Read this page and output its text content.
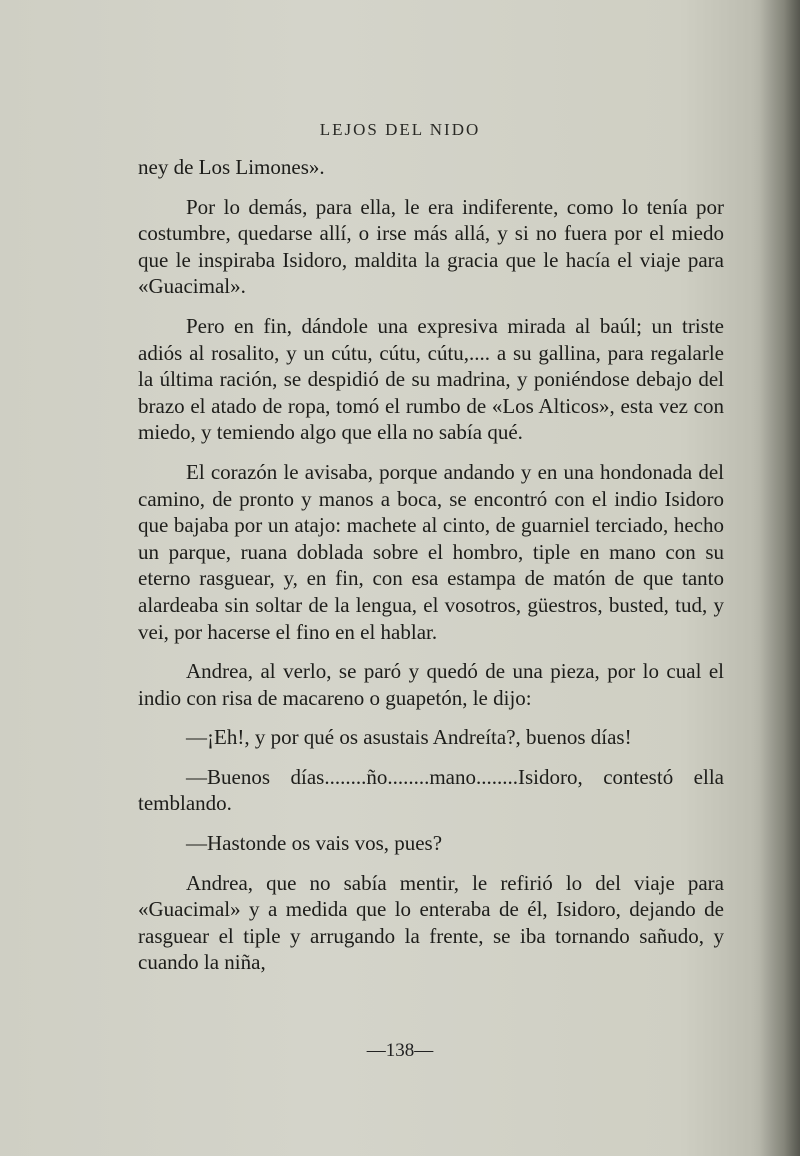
LEJOS DEL NIDO

ney de Los Limones».

Por lo demás, para ella, le era indiferente, como lo tenía por costumbre, quedarse allí, o irse más allá, y si no fuera por el miedo que le inspiraba Isidoro, maldita la gracia que le hacía el viaje para «Guacimal».

Pero en fin, dándole una expresiva mirada al baúl; un triste adiós al rosalito, y un cútu, cútu, cútu,.... a su gallina, para regalarle la última ración, se despidió de su madrina, y poniéndose debajo del brazo el atado de ropa, tomó el rumbo de «Los Alticos», esta vez con miedo, y temiendo algo que ella no sabía qué.

El corazón le avisaba, porque andando y en una hondonada del camino, de pronto y manos a boca, se encontró con el indio Isidoro que bajaba por un atajo: machete al cinto, de guarniel terciado, hecho un parque, ruana doblada sobre el hombro, tiple en mano con su eterno rasguear, y, en fin, con esa estampa de matón de que tanto alardeaba sin soltar de la lengua, el vosotros, güestros, busted, tud, y vei, por hacerse el fino en el hablar.

Andrea, al verlo, se paró y quedó de una pieza, por lo cual el indio con risa de macareno o guapetón, le dijo:

—¡Eh!, y por qué os asustais Andreíta?, buenos días!

—Buenos días........ño........mano........Isidoro, contestó ella temblando.

—Hastonde os vais vos, pues?

Andrea, que no sabía mentir, le refirió lo del viaje para «Guacimal» y a medida que lo enteraba de él, Isidoro, dejando de rasguear el tiple y arrugando la frente, se iba tornando sañudo, y cuando la niña,

—138—
